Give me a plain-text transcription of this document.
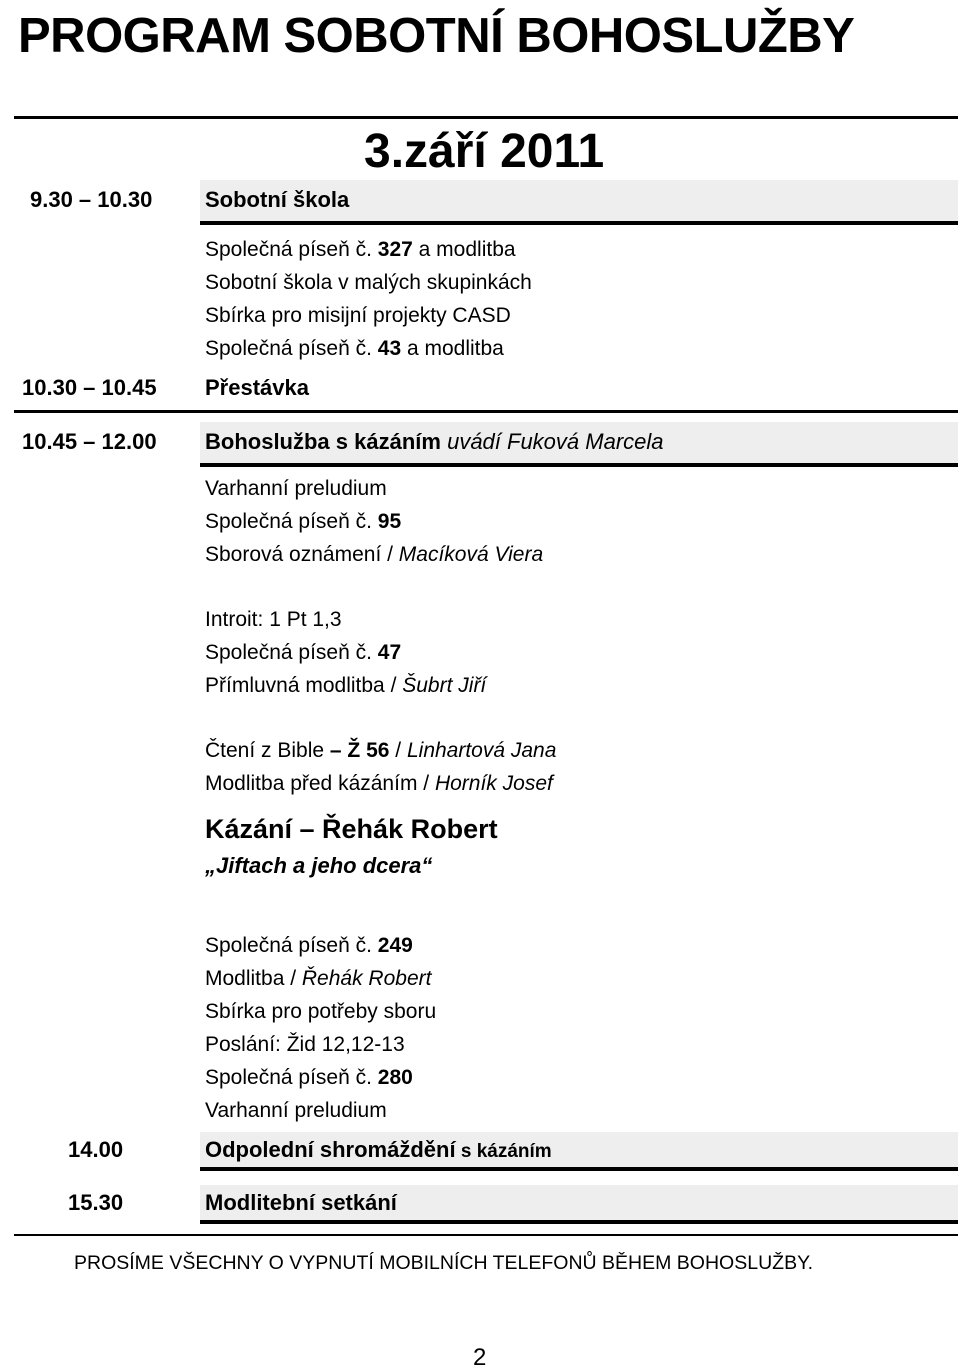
PROGRAM SOBOTNÍ BOHOSLUŽBY
3.září 2011
9.30 – 10.30 Sobotní škola
Společná píseň č. 327 a modlitba
Sobotní škola v malých skupinkách
Sbírka pro misijní projekty CASD
Společná píseň č. 43 a modlitba
10.30 – 10.45 Přestávka
10.45 – 12.00 Bohoslužba s kázáním uvádí Fuková Marcela
Varhanní preludium
Společná píseň č. 95
Sborová oznámení / Macíková Viera
Introit: 1 Pt 1,3
Společná píseň č. 47
Přímluvná modlitba / Šubrt Jiří
Čtení z Bible – Ž 56 / Linhartová Jana
Modlitba před kázáním / Horník Josef
Kázání – Řehák Robert
„Jiftach a jeho dcera“
Společná píseň č. 249
Modlitba / Řehák Robert
Sbírka pro potřeby sboru
Poslání: Žid 12,12-13
Společná píseň č. 280
Varhanní preludium
14.00	Odpolední shromáždění s kázáním
15.30	Modlitební setkání
PROSÍME VŠECHNY O VYPNUTÍ MOBILNÍCH TELEFONŮ BĚHEM BOHOSLUŽBY.
2
